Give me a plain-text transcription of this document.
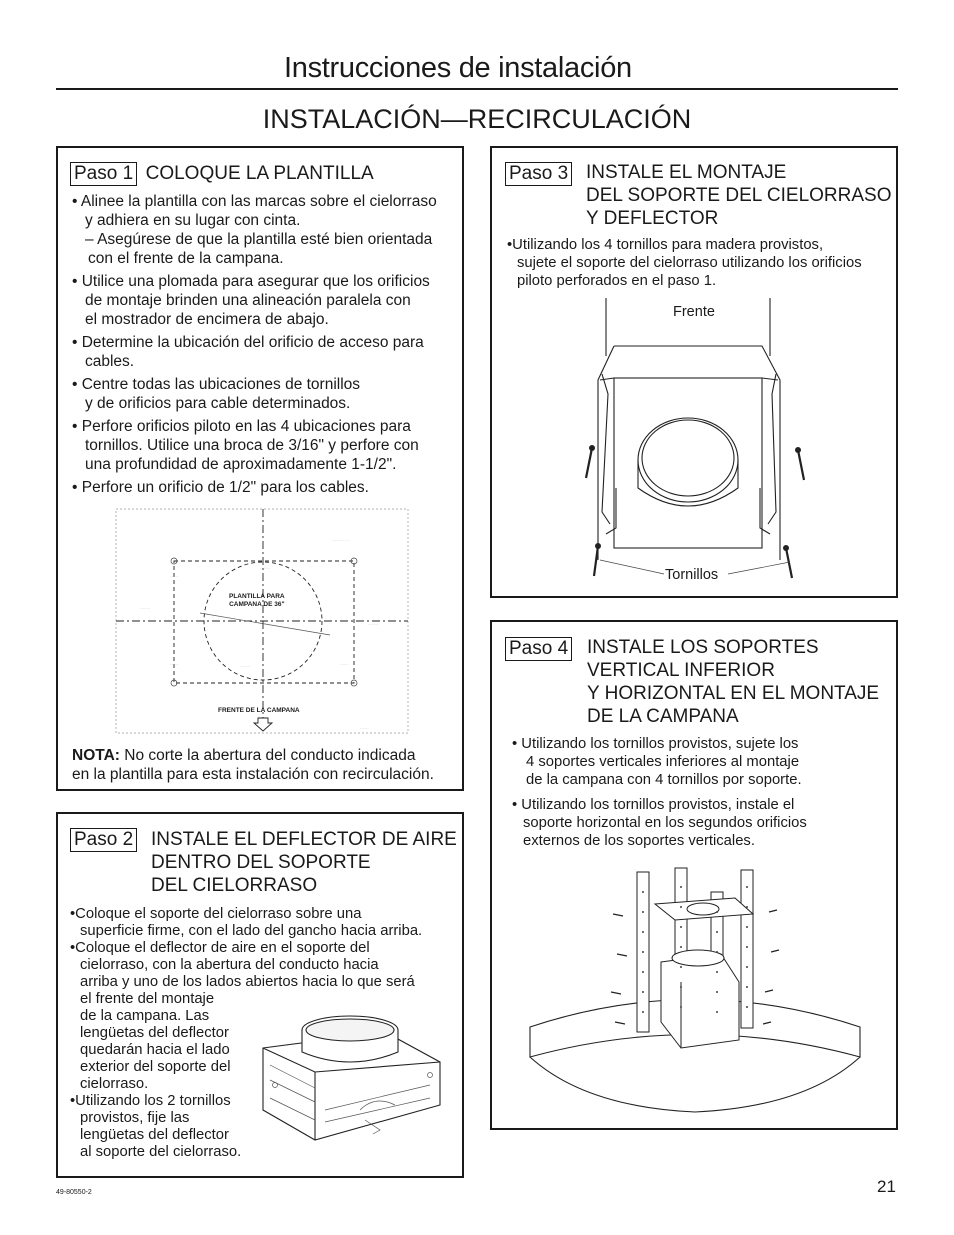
Instrucciones de instalación
INSTALACIÓN—RECIRCULACIÓN
Paso 1 COLOQUE LA PLANTILLA
• Alinee la plantilla con las marcas sobre el cielorraso
y adhiera en su lugar con cinta.
– Asegúrese de que la plantilla esté bien orientada
con el frente de la campana.
• Utilice una plomada para asegurar que los orificios
de montaje brinden una alineación paralela con
el mostrador de encimera de abajo.
• Determine la ubicación del orificio de acceso para
cables.
• Centre todas las ubicaciones de tornillos
y de orificios para cable determinados.
• Perfore orificios piloto en las 4 ubicaciones para
tornillos. Utilice una broca de 3/16" y perfore con
una profundidad de aproximadamente 1-1/2".
• Perfore un orificio de 1/2" para los cables.
- - - - - - - - - -
- - - - - -
- - - - -
- - - - - -
- - - - - -
- - - - -	- - - - - -	- - - - -
- - - - -
PLANTILLA PARA
CAMPANA DE 36"
FRENTE DE LA CAMPANA
NOTA: No corte la abertura del conducto indicada
en la plantilla para esta instalación con recirculación.
Paso 2 INSTALE EL DEFLECTOR DE AIRE
DENTRO DEL SOPORTE
DEL CIELORRASO
•Coloque el soporte del cielorraso sobre una
superficie firme, con el lado del gancho hacia arriba.
•Coloque el deflector de aire en el soporte del
cielorraso, con la abertura del conducto hacia
arriba y uno de los lados abiertos hacia lo que será
el frente del montaje
de la campana. Las
lengüetas del deflector
quedarán hacia el lado
exterior del soporte del
cielorraso.
•Utilizando los 2 tornillos
provistos, fije las
lengüetas del deflector
al soporte del cielorraso.
Paso 3 INSTALE EL MONTAJE
DEL SOPORTE DEL CIELORRASO
Y DEFLECTOR
•Utilizando los 4 tornillos para madera provistos,
sujete el soporte del cielorraso utilizando los orificios
piloto perforados en el paso 1.
Frente
Tornillos
Paso 4 INSTALE LOS SOPORTES
VERTICAL INFERIOR
Y HORIZONTAL EN EL MONTAJE
DE LA CAMPANA
• Utilizando los tornillos provistos, sujete los
4 soportes verticales inferiores al montaje
de la campana con 4 tornillos por soporte.
• Utilizando los tornillos provistos, instale el
soporte horizontal en los segundos orificios
externos de los soportes verticales.
49-80550-2	21
